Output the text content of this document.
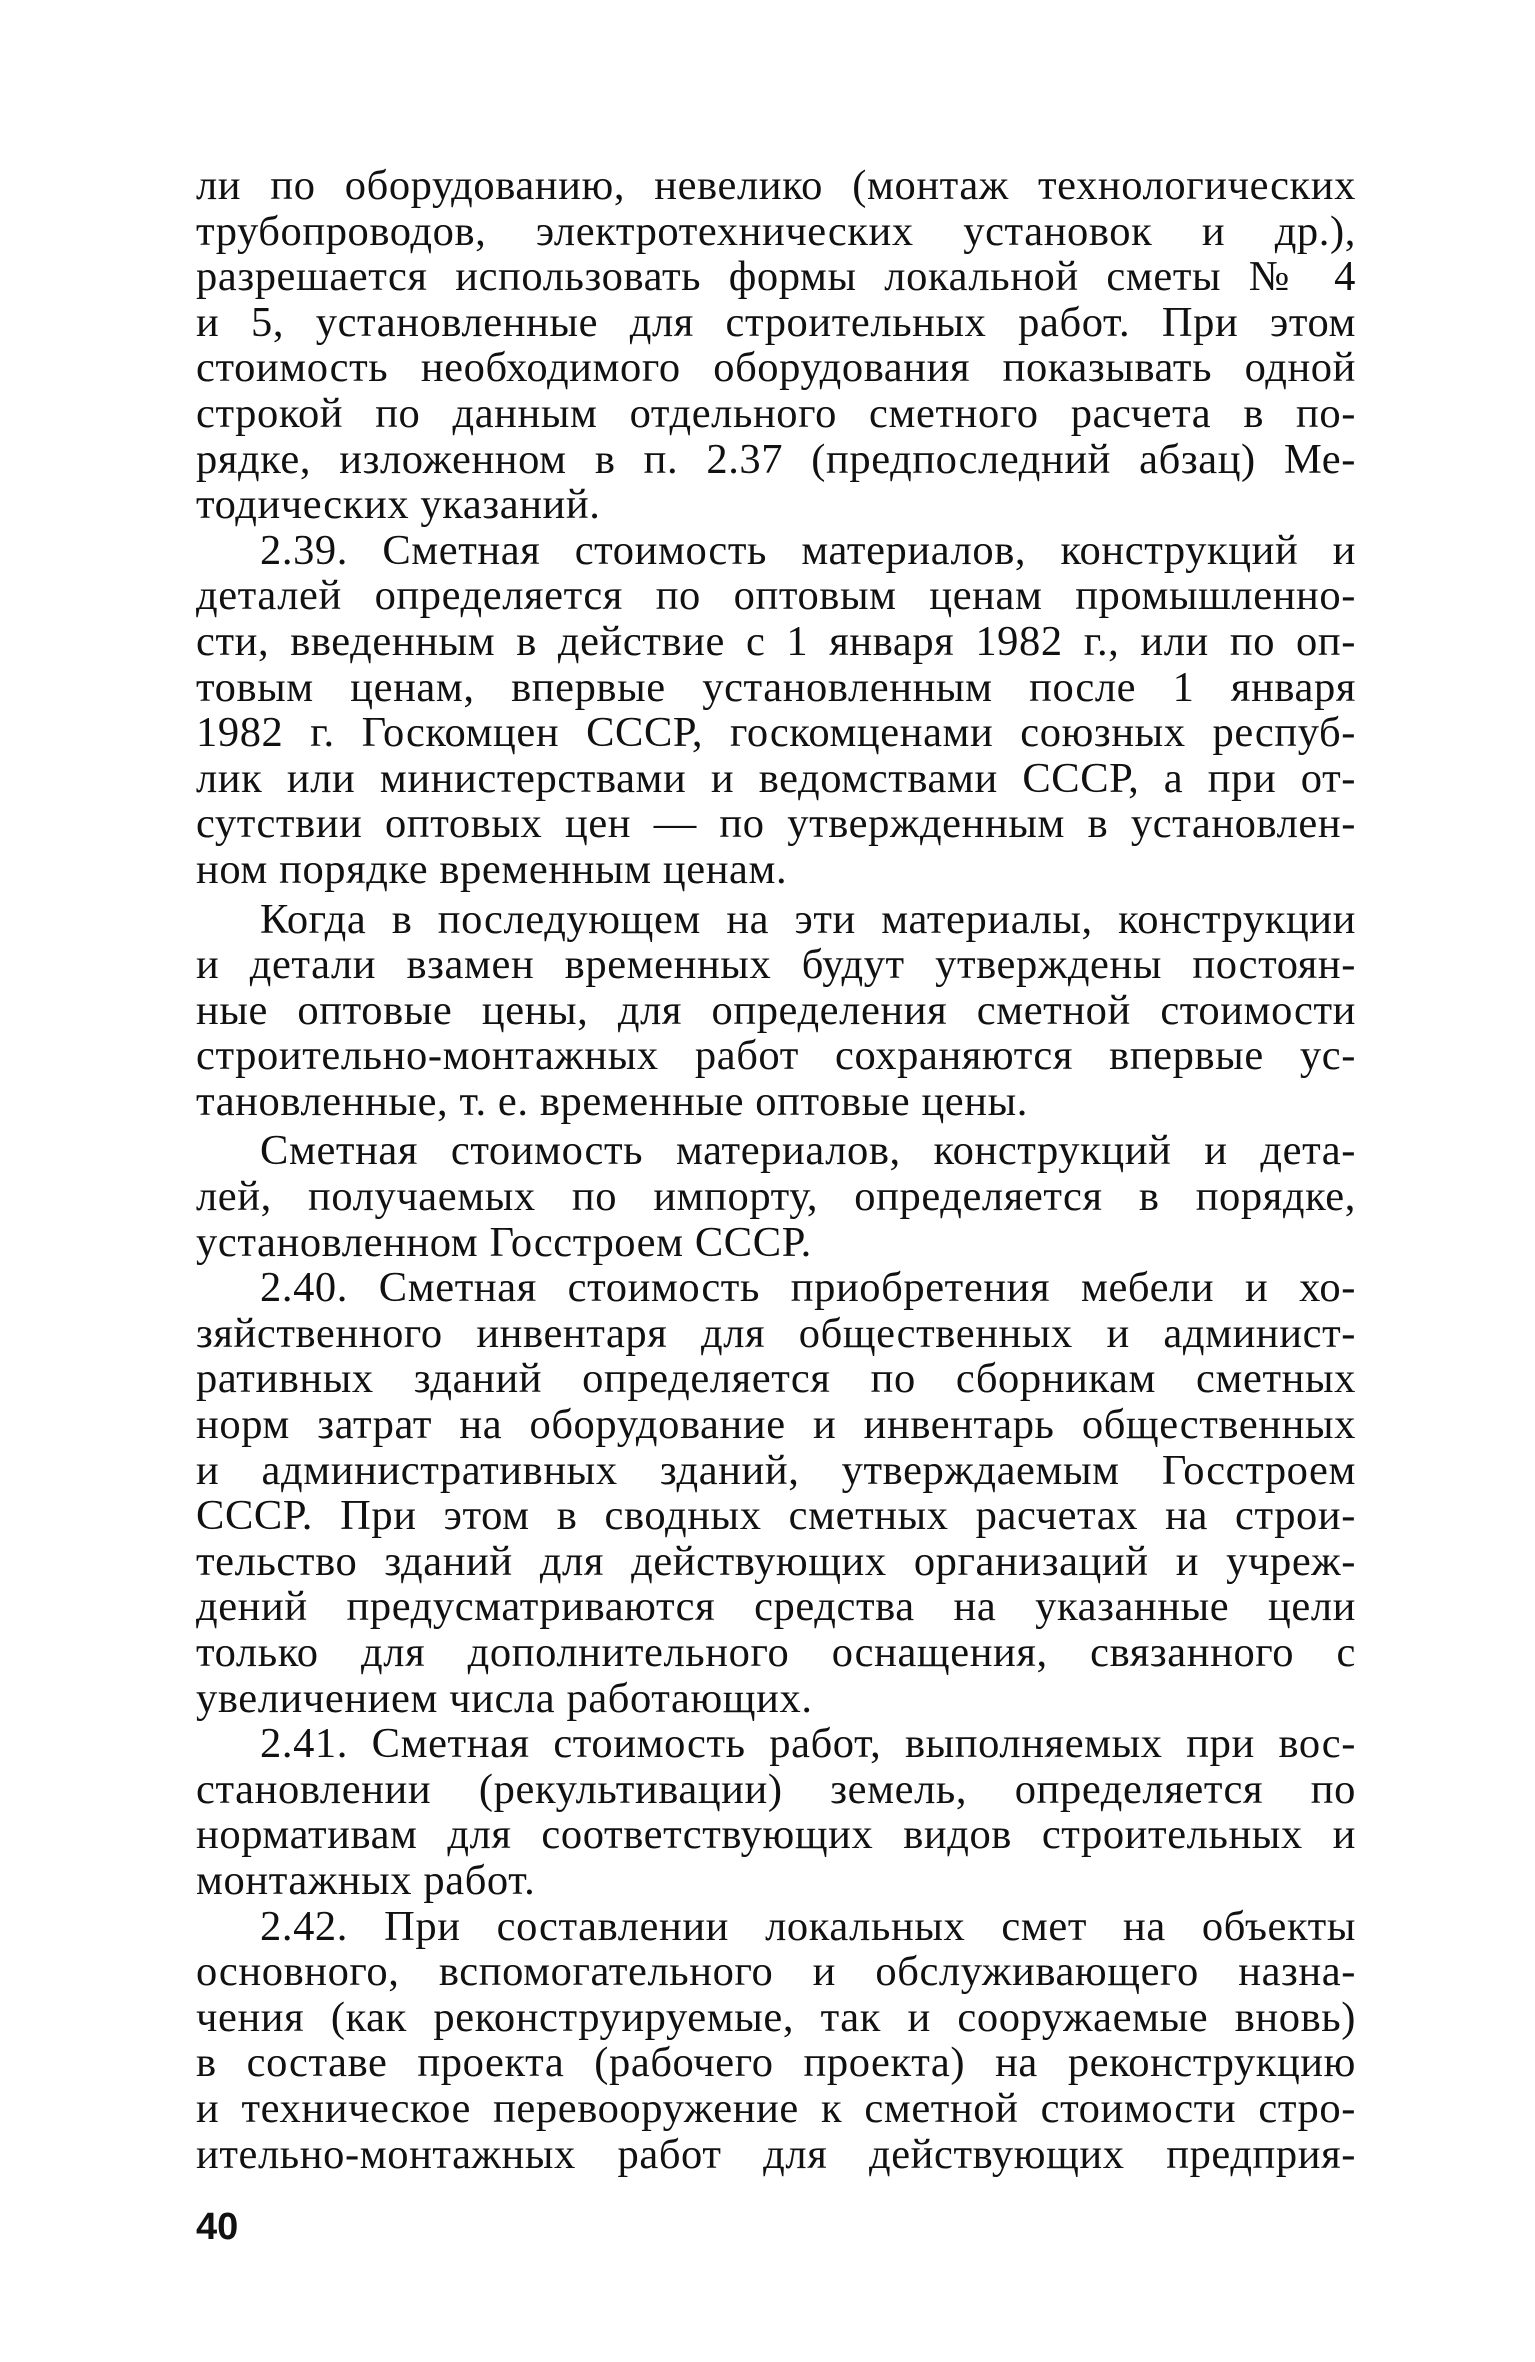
ли по оборудованию, невелико (монтаж технологических
трубопроводов, электротехнических установок и др.),
разрешается использовать формы локальной сметы № 4
и 5, установленные для строительных работ. При этом
стоимость необходимого оборудования показывать одной
строкой по данным отдельного сметного расчета в по-
рядке, изложенном в п. 2.37 (предпоследний абзац) Ме-
тодических указаний.
2.39. Сметная стоимость материалов, конструкций и
деталей определяется по оптовым ценам промышленно-
сти, введенным в действие с 1 января 1982 г., или по оп-
товым ценам, впервые установленным после 1 января
1982 г. Госкомцен СССР, госкомценами союзных респуб-
лик или министерствами и ведомствами СССР, а при от-
сутствии оптовых цен — по утвержденным в установлен-
ном порядке временным ценам.
Когда в последующем на эти материалы, конструкции
и детали взамен временных будут утверждены постоян-
ные оптовые цены, для определения сметной стоимости
строительно-монтажных работ сохраняются впервые ус-
тановленные, т. е. временные оптовые цены.
Сметная стоимость материалов, конструкций и дета-
лей, получаемых по импорту, определяется в порядке,
установленном Госстроем СССР.
2.40. Сметная стоимость приобретения мебели и хо-
зяйственного инвентаря для общественных и админист-
ративных зданий определяется по сборникам сметных
норм затрат на оборудование и инвентарь общественных
и административных зданий, утверждаемым Госстроем
СССР. При этом в сводных сметных расчетах на строи-
тельство зданий для действующих организаций и учреж-
дений предусматриваются средства на указанные цели
только для дополнительного оснащения, связанного с
увеличением числа работающих.
2.41. Сметная стоимость работ, выполняемых при вос-
становлении (рекультивации) земель, определяется по
нормативам для соответствующих видов строительных и
монтажных работ.
2.42. При составлении локальных смет на объекты
основного, вспомогательного и обслуживающего назна-
чения (как реконструируемые, так и сооружаемые вновь)
в составе проекта (рабочего проекта) на реконструкцию
и техническое перевооружение к сметной стоимости стро-
ительно-монтажных работ для действующих предприя-
40
